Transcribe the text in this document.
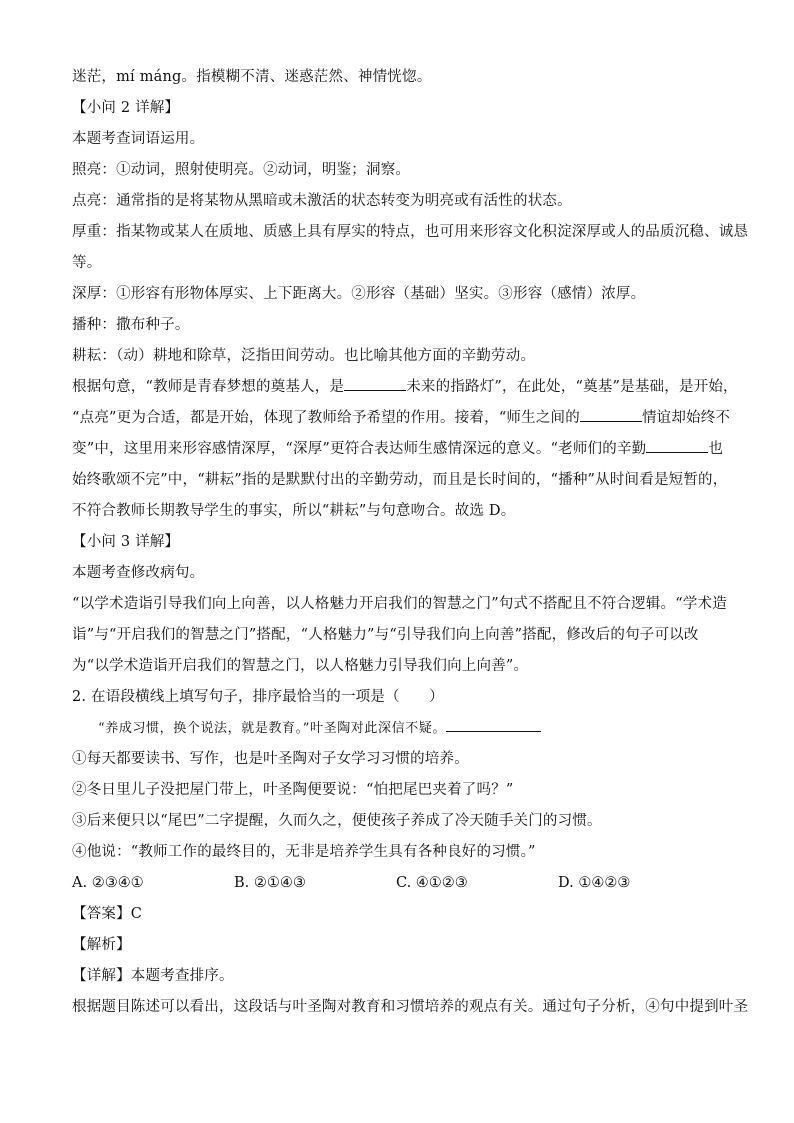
迷茫，mí máng。指模糊不清、迷惑茫然、神情恍惚。
【小问 2 详解】
本题考查词语运用。
照亮：①动词，照射使明亮。②动词，明鉴；洞察。
点亮：通常指的是将某物从黑暗或未激活的状态转变为明亮或有活性的状态。
厚重：指某物或某人在质地、质感上具有厚实的特点，也可用来形容文化积淀深厚或人的品质沉稳、诚恳
等。
深厚：①形容有形物体厚实、上下距离大。②形容（基础）坚实。③形容（感情）浓厚。
播种：撒布种子。
耕耘：（动）耕地和除草，泛指田间劳动。也比喻其他方面的辛勤劳动。
根据句意，“教师是青春梦想的奠基人，是	未来的指路灯”，在此处，“奠基”是基础，是开始，
“点亮”更为合适，都是开始，体现了教师给予希望的作用。接着，“师生之间的	情谊却始终不
变”中，这里用来形容感情深厚，“深厚”更符合表达师生感情深远的意义。“老师们的辛勤	也
始终歌颂不完”中，“耕耘”指的是默默付出的辛勤劳动，而且是长时间的，“播种”从时间看是短暂的，
不符合教师长期教导学生的事实，所以“耕耘”与句意吻合。故选 D。
【小问 3 详解】
本题考查修改病句。
“以学术造诣引导我们向上向善，以人格魅力开启我们的智慧之门”句式不搭配且不符合逻辑。“学术造
诣”与“开启我们的智慧之门”搭配，“人格魅力”与“引导我们向上向善”搭配，修改后的句子可以改
为“以学术造诣开启我们的智慧之门，以人格魅力引导我们向上向善”。
2. 在语段横线上填写句子，排序最恰当的一项是（　　）
“养成习惯，换个说法，就是教育。”叶圣陶对此深信不疑。
①每天都要读书、写作，也是叶圣陶对子女学习习惯的培养。
②冬日里儿子没把屋门带上，叶圣陶便要说：“怕把尾巴夹着了吗？”
③后来便只以“尾巴”二字提醒，久而久之，便使孩子养成了冷天随手关门的习惯。
④他说：“教师工作的最终目的，无非是培养学生具有各种良好的习惯。”
A. ②③④①	B. ②①④③	C. ④①②③	D. ①④②③
【答案】C
【解析】
【详解】本题考查排序。
根据题目陈述可以看出，这段话与叶圣陶对教育和习惯培养的观点有关。通过句子分析，④句中提到叶圣
